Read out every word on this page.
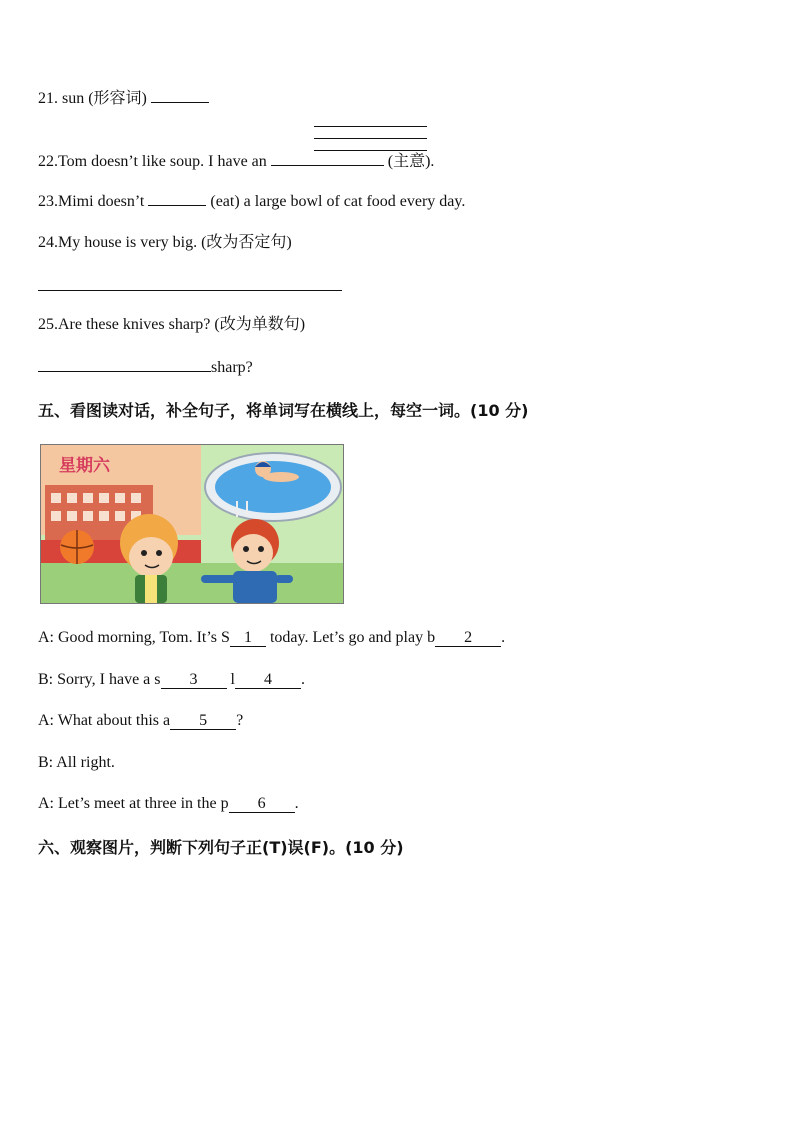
21. sun (形容词)
22.Tom doesn’t like soup. I have an	(主意).
23.Mimi doesn’t	(eat) a large bowl of cat food every day.
24.My house is very big. (改为否定句)
25.Are these knives sharp? (改为单数句)
sharp?
五、看图读对话，补全句子，将单词写在横线上，每空一词。(10 分)
星期六
A: Good morning, Tom. It’s S 1 today. Let’s go and play b 2 .
B: Sorry, I have a s 3 l 4 .
A: What about this a 5 ?
B: All right.
A: Let’s meet at three in the p 6 .
六、观察图片，判断下列句子正(T)误(F)。(10 分)
